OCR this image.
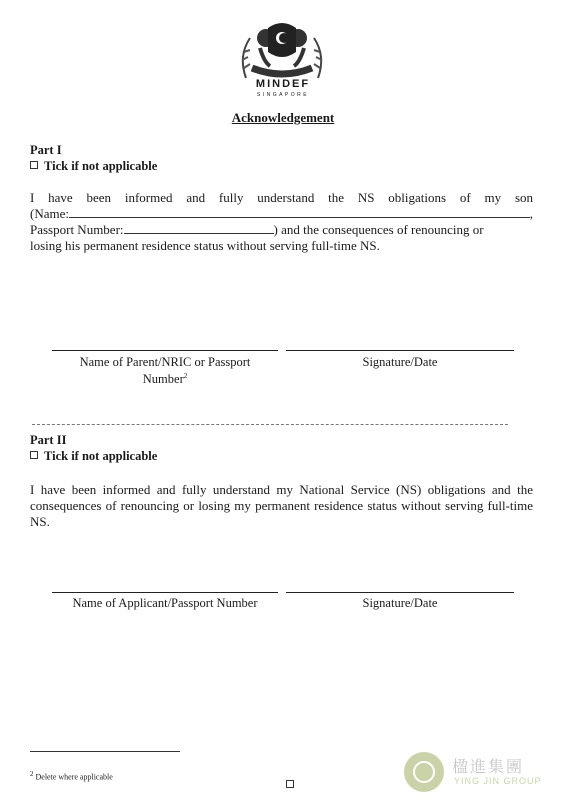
MINDEF
SINGAPORE
Acknowledgement
Part I
Tick if not applicable

I have been informed and fully understand the NS obligations of my son

(Name:	,

Passport Number:	) and the consequences of renouncing or

losing his permanent residence status without serving full-time NS.

Name of Parent/NRIC or Passport
Number$^2$
Signature/Date
Part II
Tick if not applicable
I have been informed and fully understand my National Service (NS) obligations and the consequences of renouncing or losing my permanent residence status without serving full-time NS.
Name of Applicant/Passport Number	Signature/Date
$^2$ Delete where applicable
楹進集團
YING JIN GROUP
